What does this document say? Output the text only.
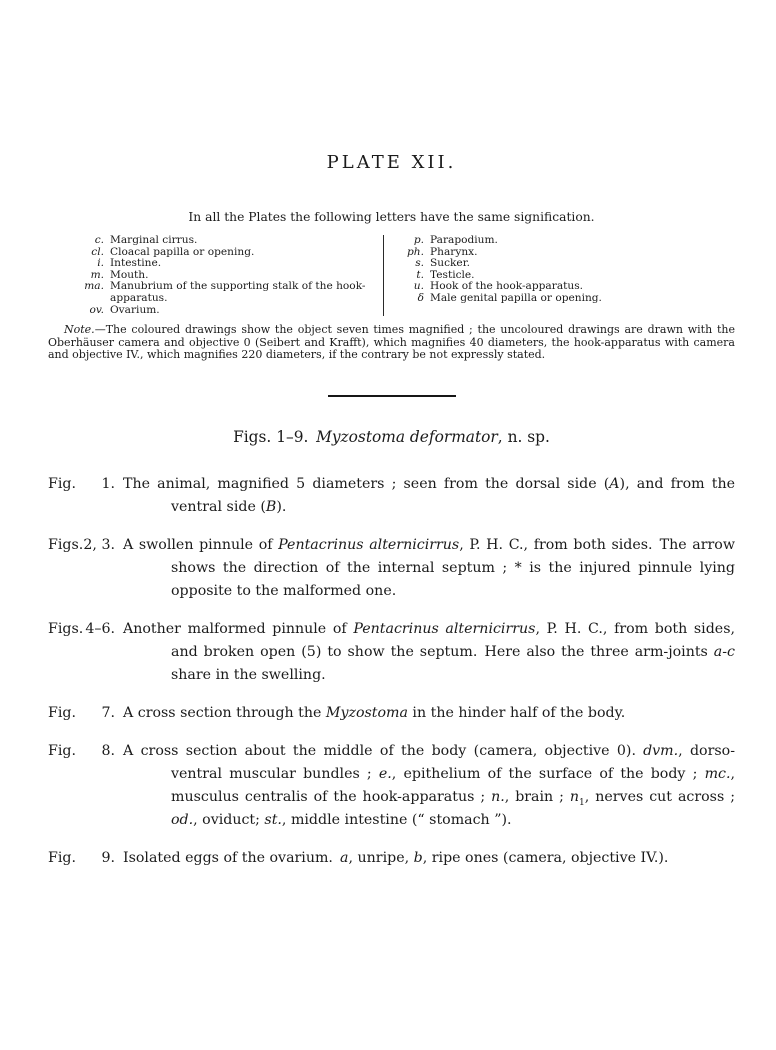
PLATE XII.
In all the Plates the following letters have the same signification.
c. Marginal cirrus.
cl. Cloacal papilla or opening.
i. Intestine.
m. Mouth.
ma. Manubrium of the supporting stalk of the hook-apparatus.
ov. Ovarium.
p. Parapodium.
ph. Pharynx.
s. Sucker.
t. Testicle.
u. Hook of the hook-apparatus.
δ Male genital papilla or opening.
Note.—The coloured drawings show the object seven times magnified ; the uncoloured drawings are drawn with the Oberhäuser camera and objective 0 (Seibert and Krafft), which magnifies 40 diameters, the hook-apparatus with camera and objective IV., which magnifies 220 diameters, if the contrary be not expressly stated.
Figs. 1–9. Myzostoma deformator, n. sp.
Fig. 1. The animal, magnified 5 diameters ; seen from the dorsal side (A), and from the ventral side (B).
Figs. 2, 3. A swollen pinnule of Pentacrinus alternicirrus, P. H. C., from both sides. The arrow shows the direction of the internal septum ; * is the injured pinnule lying opposite to the malformed one.
Figs. 4–6. Another malformed pinnule of Pentacrinus alternicirrus, P. H. C., from both sides, and broken open (5) to show the septum. Here also the three arm-joints a-c share in the swelling.
Fig. 7. A cross section through the Myzostoma in the hinder half of the body.
Fig. 8. A cross section about the middle of the body (camera, objective 0). dvm., dorso-ventral muscular bundles ; e., epithelium of the surface of the body ; mc., musculus centralis of the hook-apparatus ; n., brain ; $n_1$, nerves cut across ; od., oviduct; st., middle intestine (“ stomach ”).
Fig. 9. Isolated eggs of the ovarium. a, unripe, b, ripe ones (camera, objective IV.).
